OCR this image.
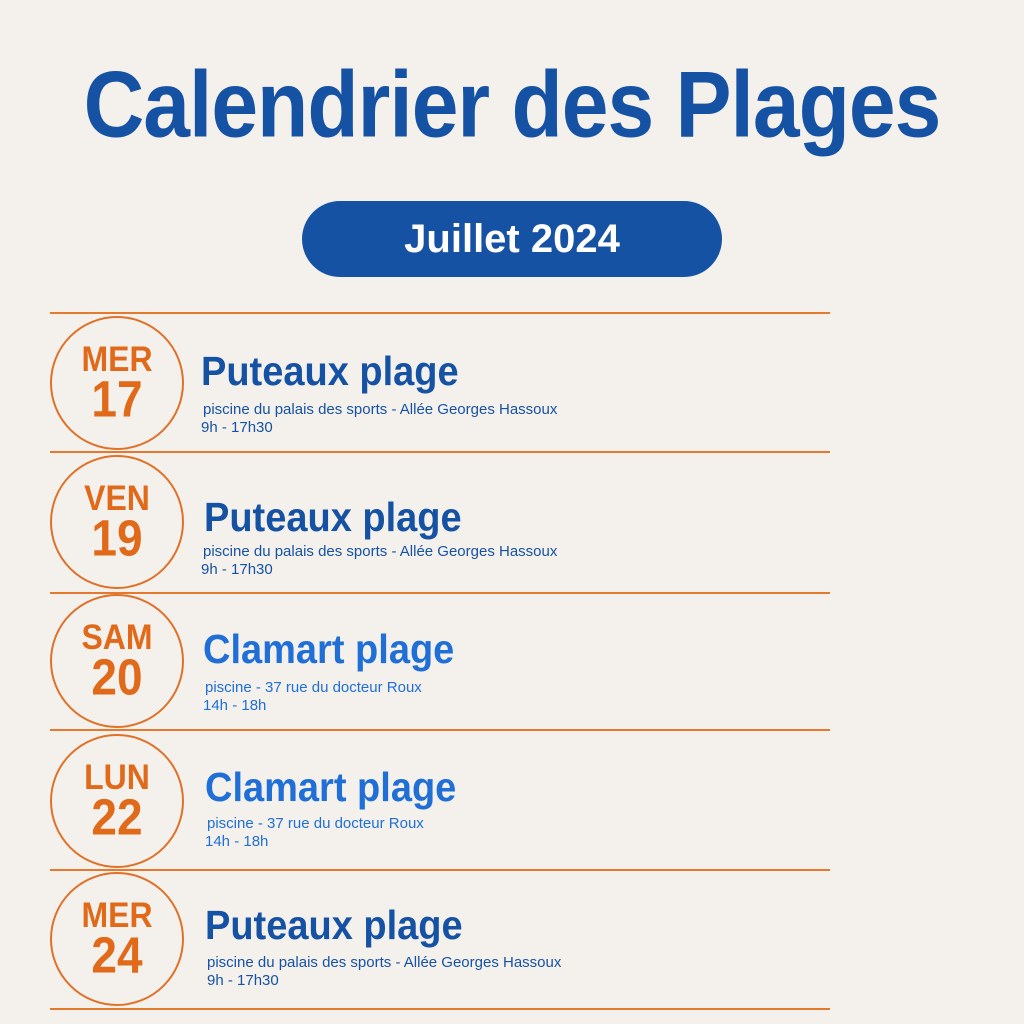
Calendrier des Plages
Juillet 2024
MER
17 Puteaux plage
piscine du palais des sports - Allée Georges Hassoux
9h - 17h30
VEN
19 Puteaux plage
piscine du palais des sports - Allée Georges Hassoux
9h - 17h30
SAM
20 Clamart plage
piscine - 37 rue du docteur Roux
14h - 18h
LUN
22
Clamart plage
piscine - 37 rue du docteur Roux
14h - 18h
MER
24
Puteaux plage
piscine du palais des sports - Allée Georges Hassoux
9h - 17h30
